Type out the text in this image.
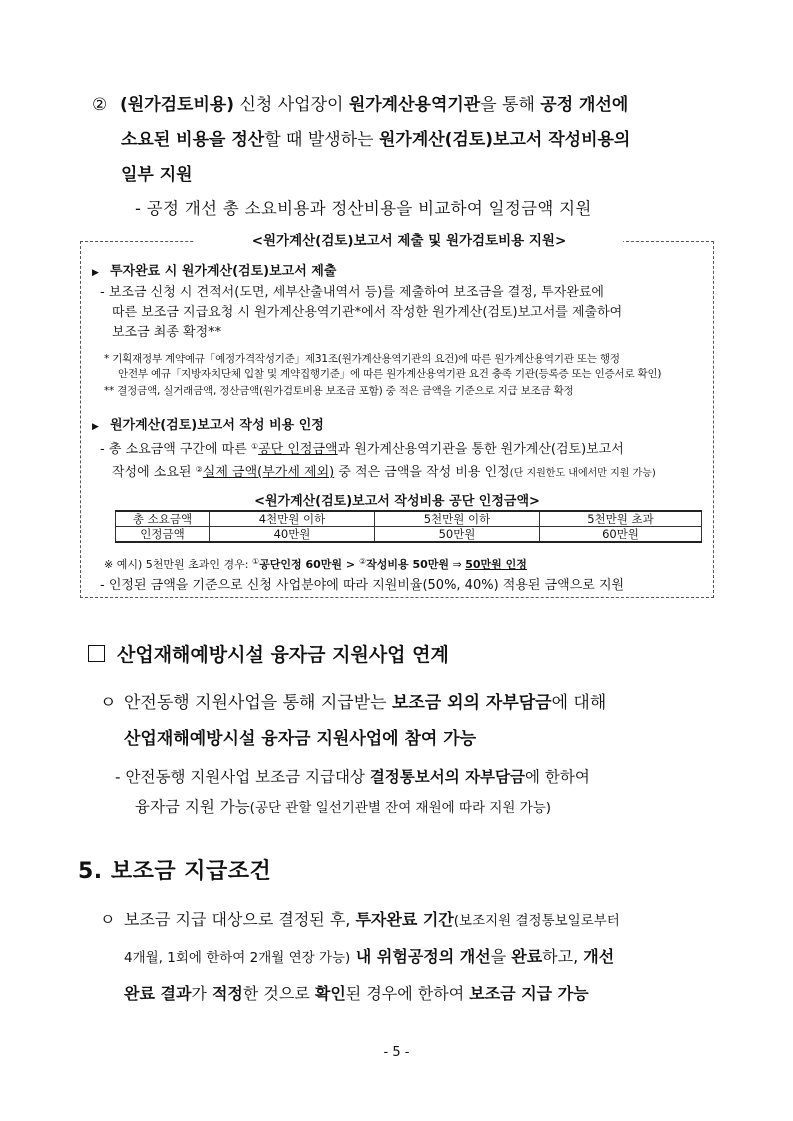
② (원가검토비용) 신청 사업장이 원가계산용역기관을 통해 공정 개선에
소요된 비용을 정산할 때 발생하는 원가계산(검토)보고서 작성비용의
일부 지원
- 공정 개선 총 소요비용과 정산비용을 비교하여 일정금액 지원
<원가계산(검토)보고서 제출 및 원가검토비용 지원>
▶ 투자완료 시 원가계산(검토)보고서 제출
- 보조금 신청 시 견적서(도면, 세부산출내역서 등)를 제출하여 보조금을 결정, 투자완료에
따른 보조금 지급요청 시 원가계산용역기관*에서 작성한 원가계산(검토)보고서를 제출하여
보조금 최종 확정**
* 기획재정부 계약예규「예정가격작성기준」제31조(원가계산용역기관의 요건)에 따른 원가계산용역기관 또는 행정
안전부 예규「지방자치단체 입찰 및 계약집행기준」에 따른 원가계산용역기관 요건 충족 기관(등록증 또는 인증서로 확인)
** 결정금액, 실거래금액, 정산금액(원가검토비용 보조금 포함) 중 적은 금액을 기준으로 지급 보조금 확정
▶ 원가계산(검토)보고서 작성 비용 인정
- 총 소요금액 구간에 따른 ①공단 인정금액과 원가계산용역기관을 통한 원가계산(검토)보고서
작성에 소요된 ②실제 금액(부가세 제외) 중 적은 금액을 작성 비용 인정(단 지원한도 내에서만 지원 가능)
<원가계산(검토)보고서 작성비용 공단 인정금액>
총 소요금액	4천만원 이하	5천만원 이하	5천만원 초과
인정금액	40만원	50만원	60만원
※ 예시) 5천만원 초과인 경우: ①공단인정 60만원 > ②작성비용 50만원 ⇒ 50만원 인정
- 인정된 금액을 기준으로 신청 사업분야에 따라 지원비율(50%, 40%) 적용된 금액으로 지원
산업재해예방시설 융자금 지원사업 연계
ㅇ 안전동행 지원사업을 통해 지급받는 보조금 외의 자부담금에 대해
산업재해예방시설 융자금 지원사업에 참여 가능
- 안전동행 지원사업 보조금 지급대상 결정통보서의 자부담금에 한하여
융자금 지원 가능(공단 관할 일선기관별 잔여 재원에 따라 지원 가능)
5. 보조금 지급조건
ㅇ 보조금 지급 대상으로 결정된 후, 투자완료 기간(보조지원 결정통보일로부터
4개월, 1회에 한하여 2개월 연장 가능) 내 위험공정의 개선을 완료하고, 개선
완료 결과가 적정한 것으로 확인된 경우에 한하여 보조금 지급 가능
- 5 -
